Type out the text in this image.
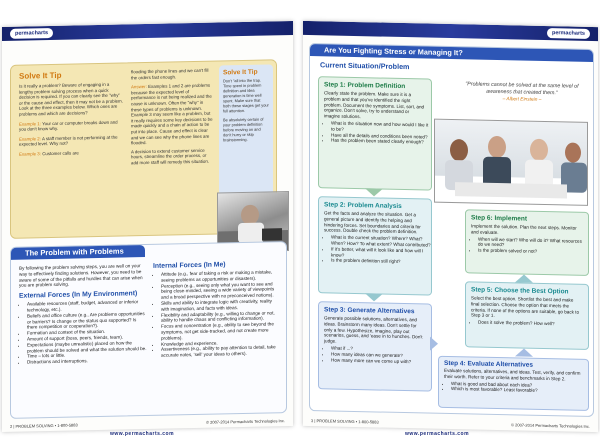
permacharts
Solve It Tip
Is it really a problem? Beware of engaging in a lengthy problem solving process when a quick decision is required. If you can clearly see the "why" or the cause and effect, then it may not be a problem. Look at the three examples below. Which ones are problems and which are decisions?
Example 1: Your car or computer breaks down and you don't know why.
Example 2: A staff member is not performing at the expected level. Why not?
Example 3: Customer calls are
flooding the phone lines and we can't fill the orders fast enough.
Answer: Examples 1 and 2 are problems because the expected level of performance is not being realized and the cause is unknown. Often the "why" in these types of problems is unknown. Example 3 may seem like a problem, but it really requires some key decisions to be made quickly and a chain of action to be put into place. Cause and effect is clear and we can see why the phone lines are flooded.
A decision to extend customer service hours, streamline the order process, or add more staff will remedy this situation.
Solve It Tip
Don't "all into the trap. Time spent in problem definition and idea generation is time well spent. Make sure that both these stages get your full attention.
Be absolutely certain of your problem definition before moving on and don't hurry or skip brainstorming.
The Problem with Problems
By following the problem solving steps, you are well on your way to effectively finding solutions. However, you need to be aware of some of the pitfalls and hurdles that can arise when you are problem solving.
External Forces (In My Environment)
• Available resources (staff, budget, advanced or inferior technology, etc.).
• Beliefs and office culture (e.g., Are problems opportunities or barriers? Is change or the status quo supported? Is there competition or cooperation?).
• Formation and context of the situation.
• Amount of support (boss, peers, friends, team).
• Expectations (maybe unrealistic) placed on how the problem should be solved and what the solution should be.
• Time – lots or little.
• Distractions and interruptions.
Internal Forces (In Me)
• Attitude (e.g., fear of taking a risk or making a mistake, seeing problems as opportunities or disasters).
• Perception (e.g., seeing only what you want to see and being close-minded, seeing a wide variety of viewpoints and a broad perspective with no preconceived notions).
• Skills and ability to integrate logic with creativity, reality with imagination, and facts with ideas.
• Flexibility and adaptability (e.g., willing to change or not, ability to handle chaos and conflicting information).
• Focus and concentration (e.g., ability to see beyond the symptoms, not get side-tracked, and not create more problems).
• Knowledge and experience.
• Assertiveness (e.g., ability to pay attention to detail, take accurate notes, 'sell' your ideas to others).
2 | PROBLEM SOLVING • 1-800-5883
© 2007-2014 Permacharts Technologies Inc.
permacharts
Are You Fighting Stress or Managing It?
Current Situation/Problem
Step 1: Problem Definition
Clearly state the problem. Make sure it is a problem and that you've identified the right problem. Document the symptoms. List, sort, and organize. Don't solve, try to understand or imagine solutions.
• What is the situation now and how would I like it to be?
• Have all the details and conditions been noted?
• Has the problem been stated clearly enough?
Step 2: Problem Analysis
Get the facts and analyze the situation. Get a general picture and identify the helping and hindering forces. Set boundaries and criteria for success. Double check the problem definition.
• What is the current situation? Where? What? When? How? To what extent? What contributed?
• If it's better, what will it look like and how will I know?
• Is the problem definition still right?
Step 3: Generate Alternatives
Generate possible solutions, alternatives, and ideas. Brainstorm many ideas. Don't settle for only a few. Hypothesize, imagine, play out scenarios, guess, and 'ease in to hunches. Don't judge.
• What if ...?
• How many ideas can we generate?
• How many more can we come up with?
"Problems cannot be solved at the same level of awareness that created them."
– Albert Einstein –
Step 6: Implement
Implement the solution. Plan the next steps. Monitor and evaluate.
• When will we start? Who will do it? What resources do we need?
• Is the problem solved or not?
Step 5: Choose the Best Option
Select the best option. Shortlist the best and make final selection. Choose the option that meets the criteria. If none of the options are suitable, go back to Step 3 or 1.
• Does it solve the problem? How well?
Step 4: Evaluate Alternatives
Evaluate solutions, alternatives, and ideas. Test, verify, and confirm their worth. Refer to your criteria and benchmarks in Step 2.
• What is good and bad about each idea?
• Which is most favorable? Least favorable?
3 | PROBLEM SOLVING • 1-800-5883
© 2007-2014 Permacharts Technologies Inc.
www.permacharts.com	www.permacharts.com
